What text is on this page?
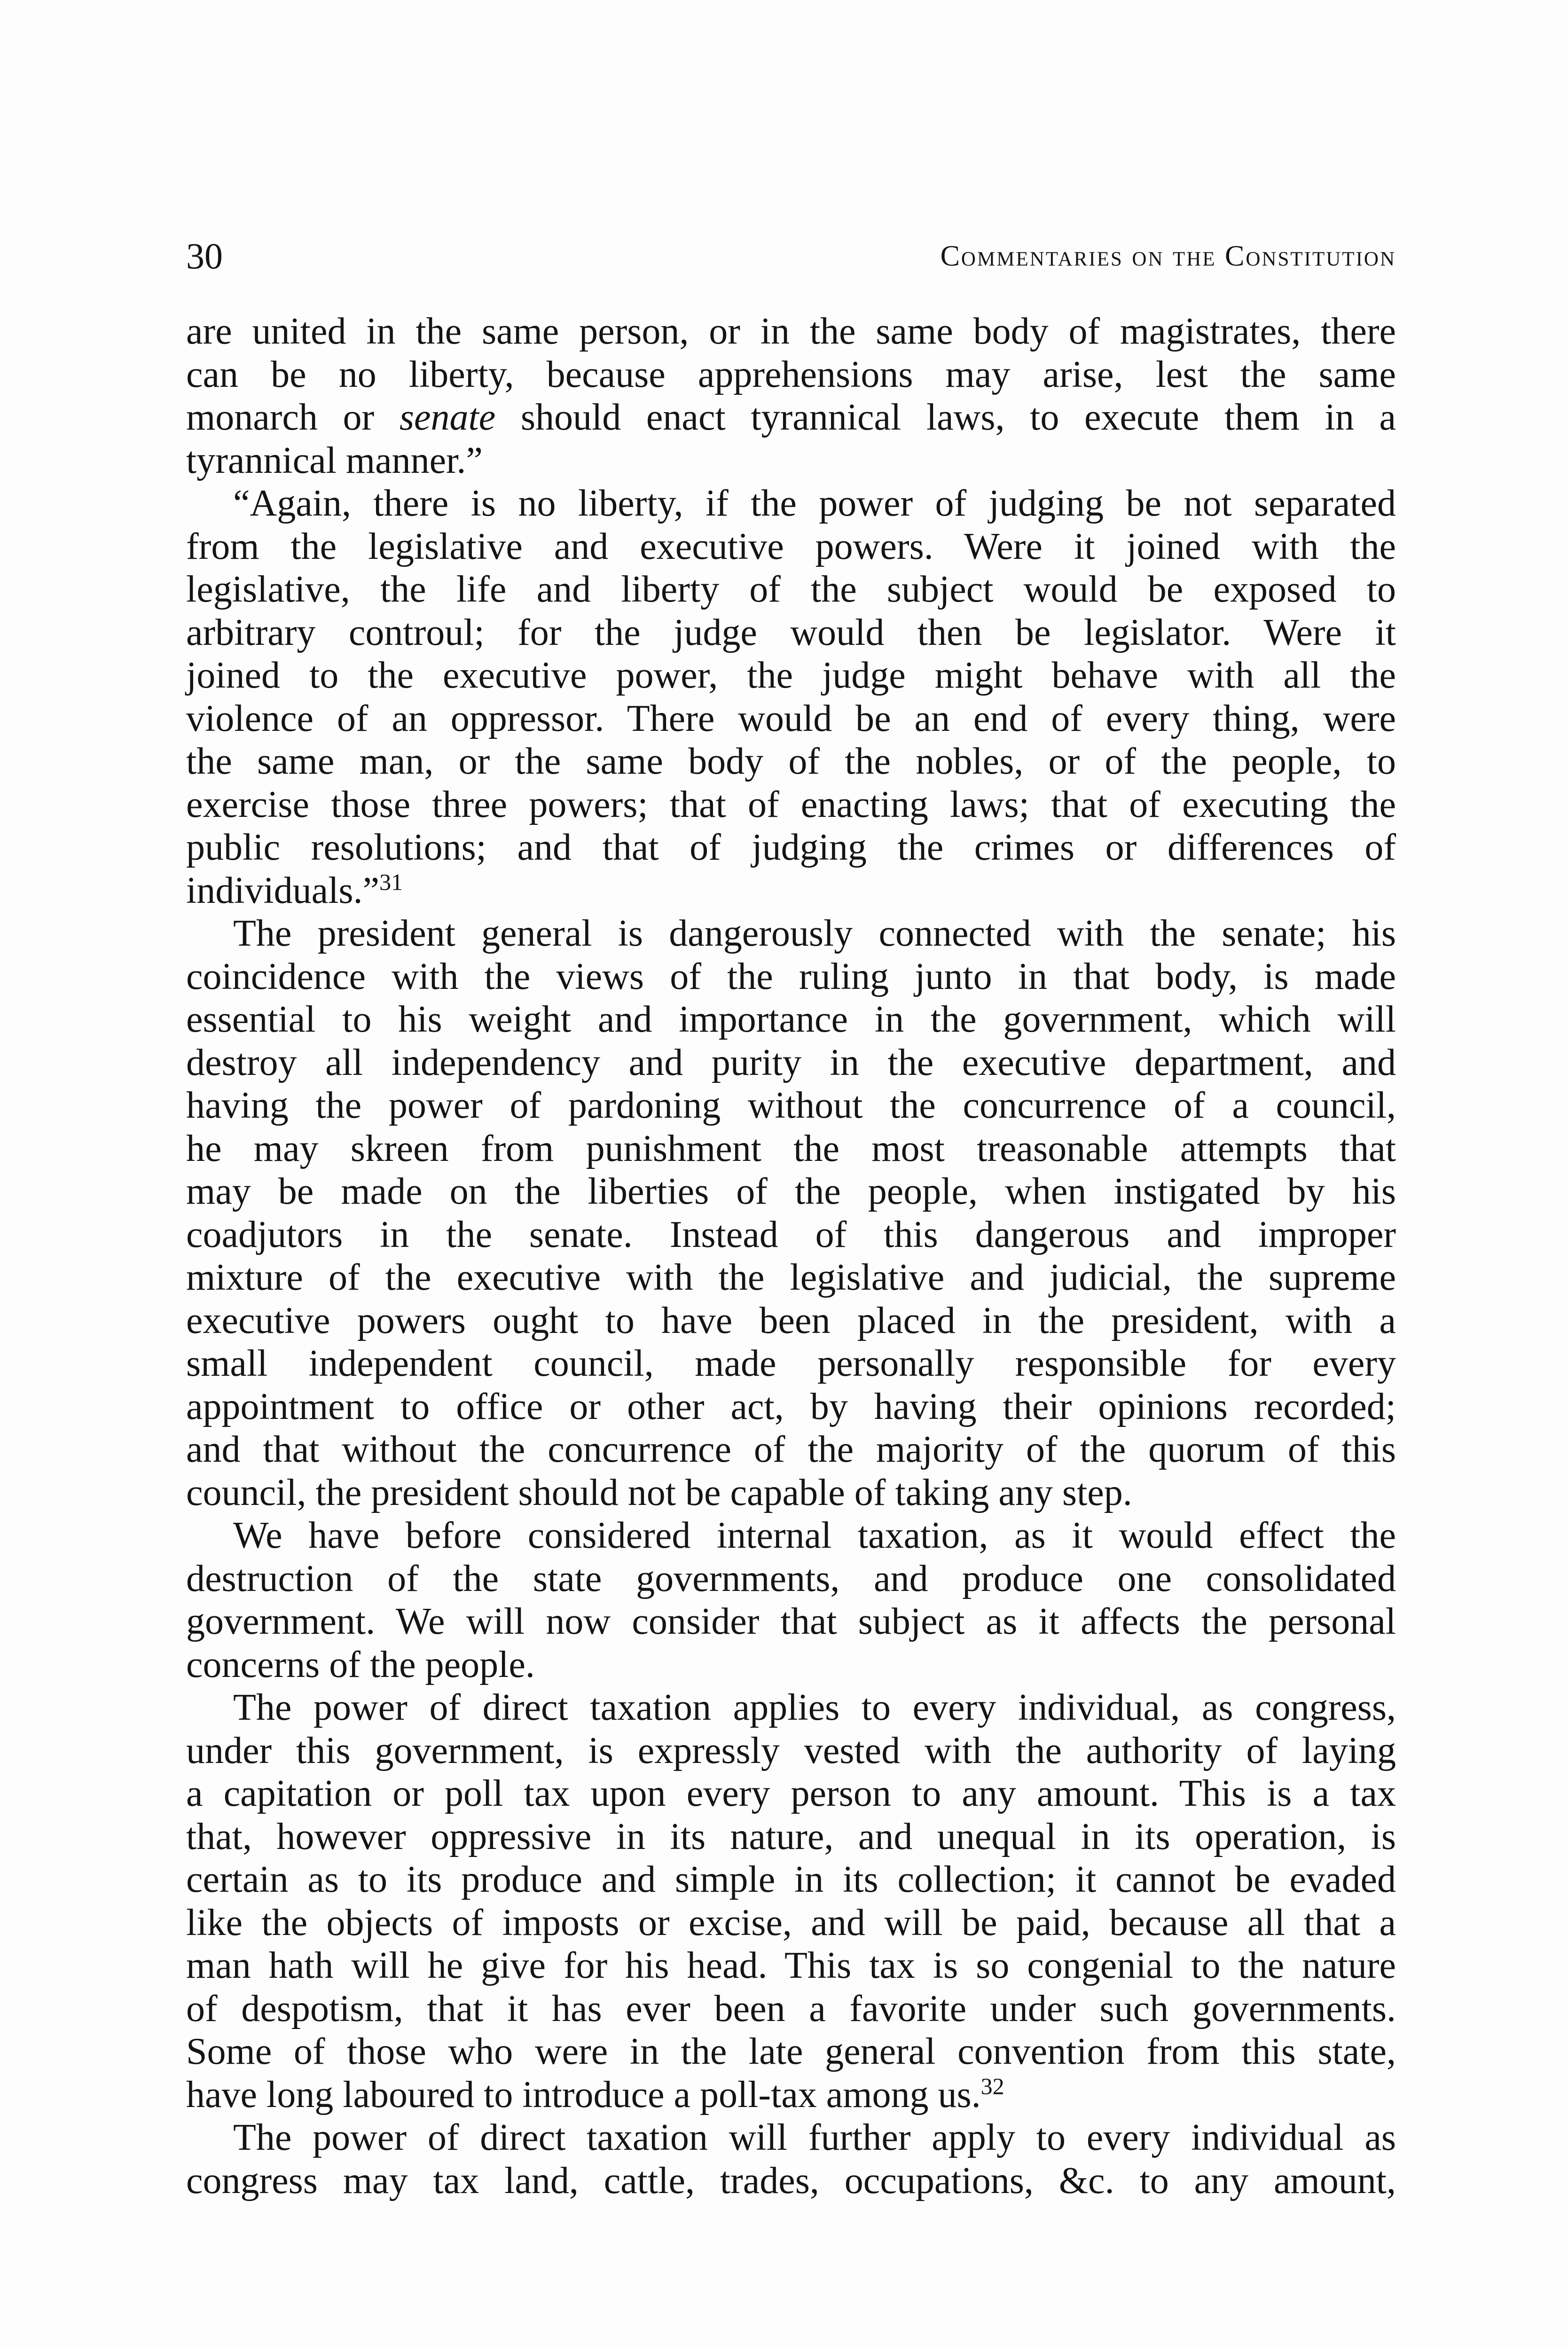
30	Commentaries on the Constitution
are united in the same person, or in the same body of magistrates, there
can be no liberty, because apprehensions may arise, lest the same
monarch or senate should enact tyrannical laws, to execute them in a
tyrannical manner.”
“Again, there is no liberty, if the power of judging be not separated
from the legislative and executive powers. Were it joined with the
legislative, the life and liberty of the subject would be exposed to
arbitrary controul; for the judge would then be legislator. Were it
joined to the executive power, the judge might behave with all the
violence of an oppressor. There would be an end of every thing, were
the same man, or the same body of the nobles, or of the people, to
exercise those three powers; that of enacting laws; that of executing the
public resolutions; and that of judging the crimes or differences of
individuals.”$^{31}$
The president general is dangerously connected with the senate; his
coincidence with the views of the ruling junto in that body, is made
essential to his weight and importance in the government, which will
destroy all independency and purity in the executive department, and
having the power of pardoning without the concurrence of a council,
he may skreen from punishment the most treasonable attempts that
may be made on the liberties of the people, when instigated by his
coadjutors in the senate. Instead of this dangerous and improper
mixture of the executive with the legislative and judicial, the supreme
executive powers ought to have been placed in the president, with a
small independent council, made personally responsible for every
appointment to office or other act, by having their opinions recorded;
and that without the concurrence of the majority of the quorum of this
council, the president should not be capable of taking any step.
We have before considered internal taxation, as it would effect the
destruction of the state governments, and produce one consolidated
government. We will now consider that subject as it affects the personal
concerns of the people.
The power of direct taxation applies to every individual, as congress,
under this government, is expressly vested with the authority of laying
a capitation or poll tax upon every person to any amount. This is a tax
that, however oppressive in its nature, and unequal in its operation, is
certain as to its produce and simple in its collection; it cannot be evaded
like the objects of imposts or excise, and will be paid, because all that a
man hath will he give for his head. This tax is so congenial to the nature
of despotism, that it has ever been a favorite under such governments.
Some of those who were in the late general convention from this state,
have long laboured to introduce a poll-tax among us.$^{32}$
The power of direct taxation will further apply to every individual as
congress may tax land, cattle, trades, occupations, &c. to any amount,
